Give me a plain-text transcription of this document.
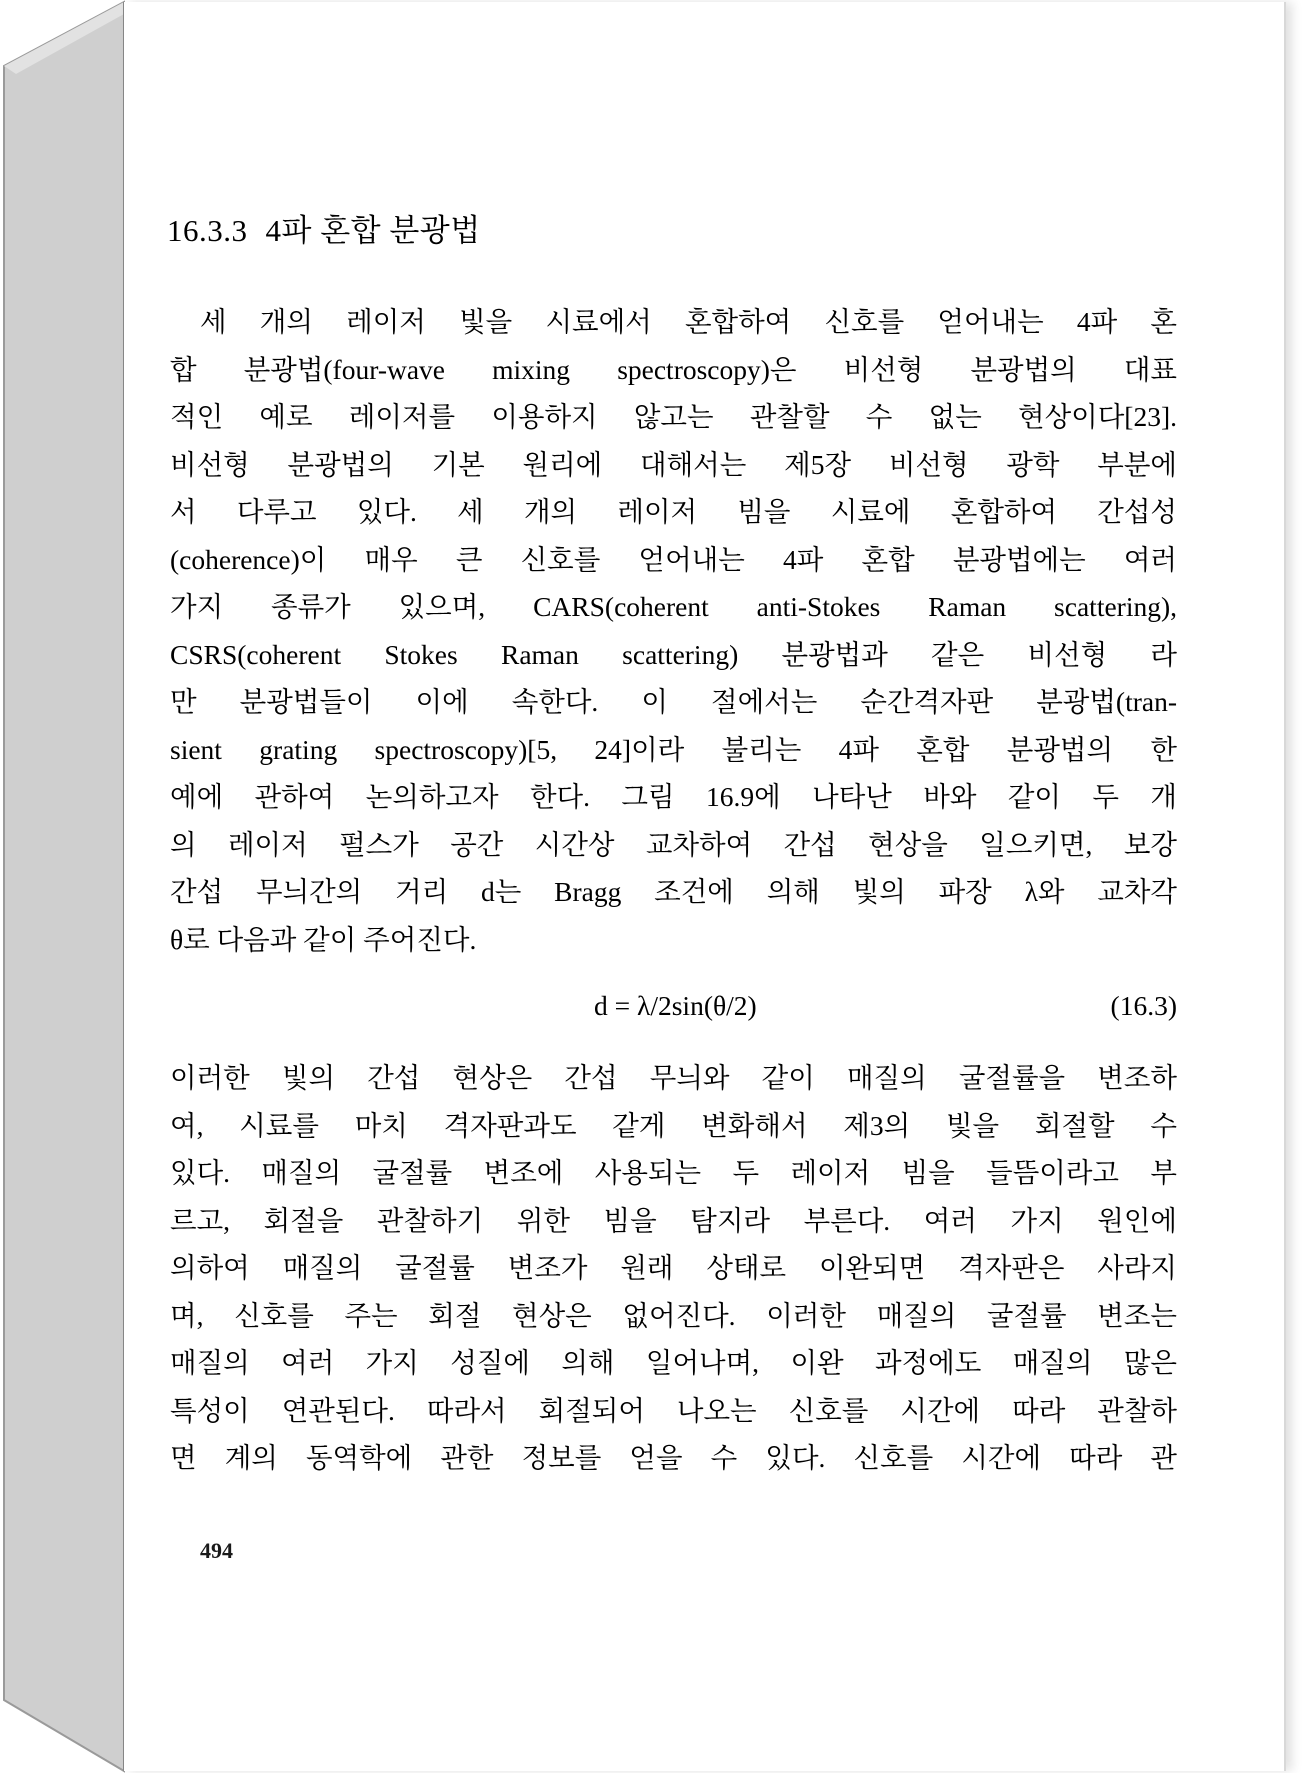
16.3.3 4파 혼합 분광법
세 개의 레이저 빛을 시료에서 혼합하여 신호를 얻어내는 4파 혼
합 분광법(four-wave mixing spectroscopy)은 비선형 분광법의 대표
적인 예로 레이저를 이용하지 않고는 관찰할 수 없는 현상이다[23].
비선형 분광법의 기본 원리에 대해서는 제5장 비선형 광학 부분에
서 다루고 있다. 세 개의 레이저 빔을 시료에 혼합하여 간섭성
(coherence)이 매우 큰 신호를 얻어내는 4파 혼합 분광법에는 여러
가지 종류가 있으며, CARS(coherent anti-Stokes Raman scattering),
CSRS(coherent Stokes Raman scattering) 분광법과 같은 비선형 라
만 분광법들이 이에 속한다. 이 절에서는 순간격자판 분광법(tran-
sient grating spectroscopy)[5, 24]이라 불리는 4파 혼합 분광법의 한
예에 관하여 논의하고자 한다. 그림 16.9에 나타난 바와 같이 두 개
의 레이저 펄스가 공간 시간상 교차하여 간섭 현상을 일으키면, 보강
간섭 무늬간의 거리 d는 Bragg 조건에 의해 빛의 파장 λ와 교차각
θ로 다음과 같이 주어진다.
d = λ/2sin(θ/2)	(16.3)
이러한 빛의 간섭 현상은 간섭 무늬와 같이 매질의 굴절률을 변조하
여, 시료를 마치 격자판과도 같게 변화해서 제3의 빛을 회절할 수
있다. 매질의 굴절률 변조에 사용되는 두 레이저 빔을 들뜸이라고 부
르고, 회절을 관찰하기 위한 빔을 탐지라 부른다. 여러 가지 원인에
의하여 매질의 굴절률 변조가 원래 상태로 이완되면 격자판은 사라지
며, 신호를 주는 회절 현상은 없어진다. 이러한 매질의 굴절률 변조는
매질의 여러 가지 성질에 의해 일어나며, 이완 과정에도 매질의 많은
특성이 연관된다. 따라서 회절되어 나오는 신호를 시간에 따라 관찰하
면 계의 동역학에 관한 정보를 얻을 수 있다. 신호를 시간에 따라 관
494
